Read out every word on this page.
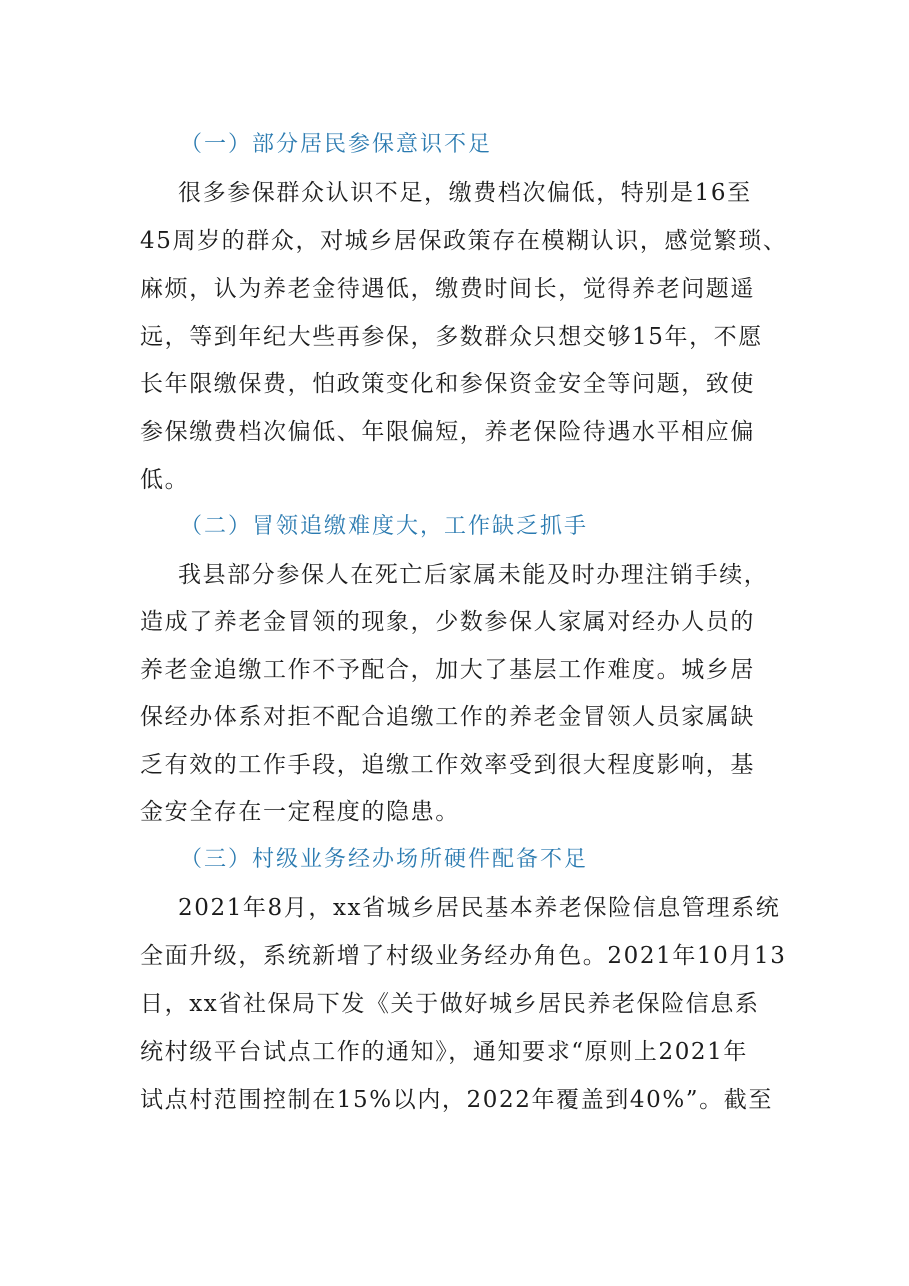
（一）部分居民参保意识不足
很多参保群众认识不足，缴费档次偏低，特别是16至
45周岁的群众，对城乡居保政策存在模糊认识，感觉繁琐、
麻烦，认为养老金待遇低，缴费时间长，觉得养老问题遥
远，等到年纪大些再参保，多数群众只想交够15年，不愿
长年限缴保费，怕政策变化和参保资金安全等问题，致使
参保缴费档次偏低、年限偏短，养老保险待遇水平相应偏
低。
（二）冒领追缴难度大，工作缺乏抓手
我县部分参保人在死亡后家属未能及时办理注销手续，
造成了养老金冒领的现象，少数参保人家属对经办人员的
养老金追缴工作不予配合，加大了基层工作难度。城乡居
保经办体系对拒不配合追缴工作的养老金冒领人员家属缺
乏有效的工作手段，追缴工作效率受到很大程度影响，基
金安全存在一定程度的隐患。
（三）村级业务经办场所硬件配备不足
2021年8月，xx省城乡居民基本养老保险信息管理系统
全面升级，系统新增了村级业务经办角色。2021年10月13
日，xx省社保局下发《关于做好城乡居民养老保险信息系
统村级平台试点工作的通知》，通知要求“原则上2021年
试点村范围控制在15%以内，2022年覆盖到40%”。截至
